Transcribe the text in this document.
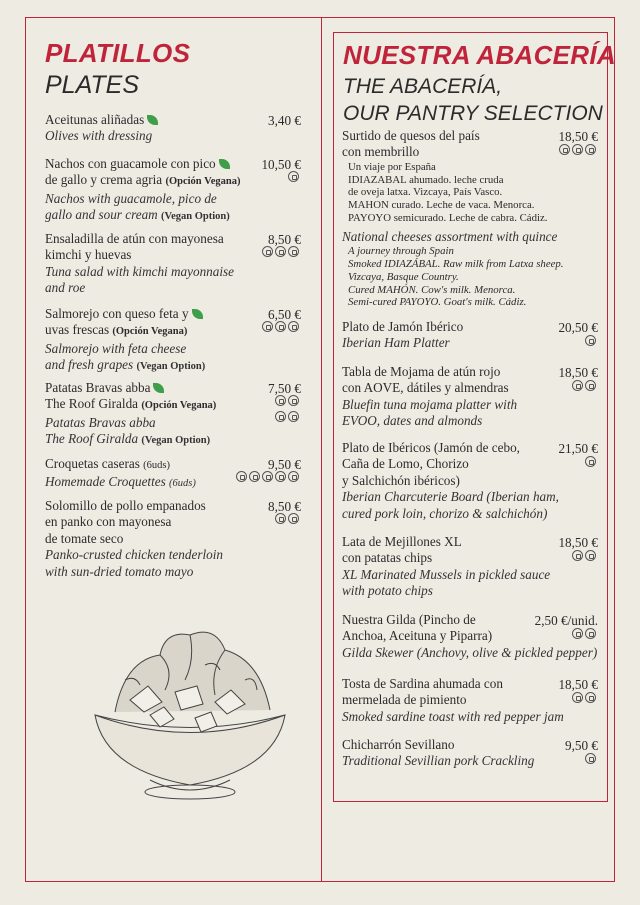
PLATILLOS
PLATES
Aceitunas aliñadas
Olives with dressing
3,40 €
Nachos con guacamole con pico
de gallo y crema agria (Opción Vegana)
Nachos with guacamole, pico de
gallo and sour cream (Vegan Option)
10,50 €
Ensaladilla de atún con mayonesa
kimchi y huevas
Tuna salad with kimchi mayonnaise
and roe
8,50 €
Salmorejo con queso feta y
uvas frescas (Opción Vegana)
Salmorejo with feta cheese
and fresh grapes (Vegan Option)
6,50 €
Patatas Bravas abba
The Roof Giralda (Opción Vegana)
Patatas Bravas abba
The Roof Giralda (Vegan Option)
7,50 €
Croquetas caseras (6uds)
Homemade Croquettes (6uds)
9,50 €
Solomillo de pollo empanados
en panko con mayonesa
de tomate seco
Panko-crusted chicken tenderloin
with sun-dried tomato mayo
8,50 €
NUESTRA ABACERÍA
THE ABACERÍA,
OUR PANTRY SELECTION
Surtido de quesos del país
con membrillo
Un viaje por España
IDIAZABAL ahumado. leche cruda
de oveja latxa. Vizcaya, País Vasco.
MAHON curado. Leche de vaca. Menorca.
PAYOYO semicurado. Leche de cabra. Cádiz.
National cheeses assortment with quince
A journey through Spain
Smoked IDIAZÁBAL. Raw milk from Latxa sheep.
Vizcaya, Basque Country.
Cured MAHÓN. Cow's milk. Menorca.
Semi-cured PAYOYO. Goat's milk. Cádiz.
18,50 €
Plato de Jamón Ibérico
Iberian Ham Platter
20,50 €
Tabla de Mojama de atún rojo
con AOVE, dátiles y almendras
Bluefin tuna mojama platter with
EVOO, dates and almonds
18,50 €
Plato de Ibéricos (Jamón de cebo,
Caña de Lomo, Chorizo
y Salchichón ibéricos)
Iberian Charcuterie Board (Iberian ham,
cured pork loin, chorizo & salchichón)
21,50 €
Lata de Mejillones XL
con patatas chips
XL Marinated Mussels in pickled sauce
with potato chips
18,50 €
Nuestra Gilda (Pincho de
Anchoa, Aceituna y Piparra)
Gilda Skewer (Anchovy, olive & pickled pepper)
2,50 €/unid.
Tosta de Sardina ahumada con
mermelada de pimiento
Smoked sardine toast with red pepper jam
18,50 €
Chicharrón Sevillano
Traditional Sevillian pork Crackling
9,50 €
